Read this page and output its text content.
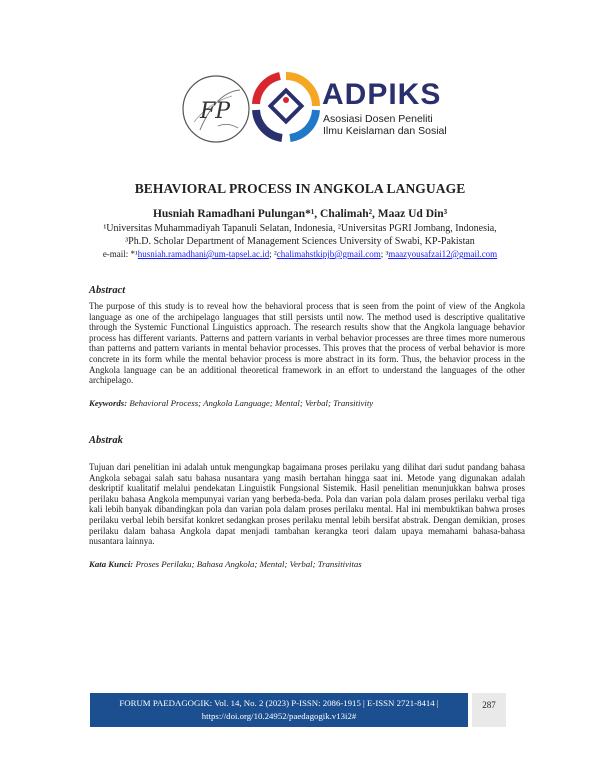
FP
ADPIKS
Asosiasi Dosen Peneliti
Ilmu Keislaman dan Sosial
BEHAVIORAL PROCESS IN ANGKOLA LANGUAGE
Husniah Ramadhani Pulungan*¹, Chalimah², Maaz Ud Din³
¹Universitas Muhammadiyah Tapanuli Selatan, Indonesia, ²Universitas PGRI Jombang, Indonesia,
³Ph.D. Scholar Department of Management Sciences University of Swabi, KP-Pakistan
e-mail: *¹husniah.ramadhani@um-tapsel.ac.id; ²chalimahstkipjb@gmail.com; ³maazyousafzai12@gmail.com
Abstract
The purpose of this study is to reveal how the behavioral process that is seen from the point of view of the Angkola language as one of the archipelago languages that still persists until now. The method used is descriptive qualitative through the Systemic Functional Linguistics approach. The research results show that the Angkola language behavior process has different variants. Patterns and pattern variants in verbal behavior processes are three times more numerous than patterns and pattern variants in mental behavior processes. This proves that the process of verbal behavior is more concrete in its form while the mental behavior process is more abstract in its form. Thus, the behavior process in the Angkola language can be an additional theoretical framework in an effort to understand the languages of the other archipelago.
Keywords: Behavioral Process; Angkola Language; Mental; Verbal; Transitivity
Abstrak
Tujuan dari penelitian ini adalah untuk mengungkap bagaimana proses perilaku yang dilihat dari sudut pandang bahasa Angkola sebagai salah satu bahasa nusantara yang masih bertahan hingga saat ini. Metode yang digunakan adalah deskriptif kualitatif melalui pendekatan Linguistik Fungsional Sistemik. Hasil penelitian menunjukkan bahwa proses perilaku bahasa Angkola mempunyai varian yang berbeda-beda. Pola dan varian pola dalam proses perilaku verbal tiga kali lebih banyak dibandingkan pola dan varian pola dalam proses perilaku mental. Hal ini membuktikan bahwa proses perilaku verbal lebih bersifat konkret sedangkan proses perilaku mental lebih bersifat abstrak. Dengan demikian, proses perilaku dalam bahasa Angkola dapat menjadi tambahan kerangka teori dalam upaya memahami bahasa-bahasa nusantara lainnya.
Kata Kunci: Proses Perilaku; Bahasa Angkola; Mental; Verbal; Transitivitas
FORUM PAEDAGOGIK: Vol. 14, No. 2 (2023) P-ISSN: 2086-1915 | E-ISSN 2721-8414 |
https://doi.org/10.24952/paedagogik.v13i2#
287
